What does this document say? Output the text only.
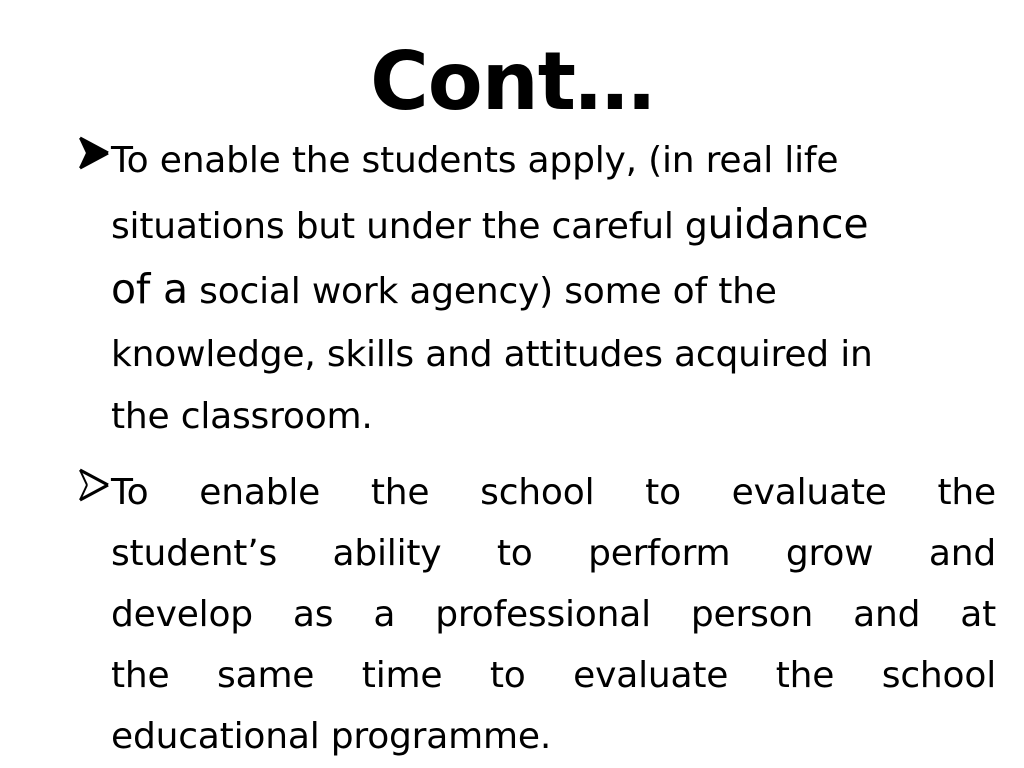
Cont…
To enable the students apply, (in real life
situations but under the careful guidance
of a social work agency) some of the
knowledge, skills and attitudes acquired in
the classroom.
To enable the school to evaluate the
student’s ability to perform grow and
develop as a professional person and at
the same time to evaluate the school
educational programme.
